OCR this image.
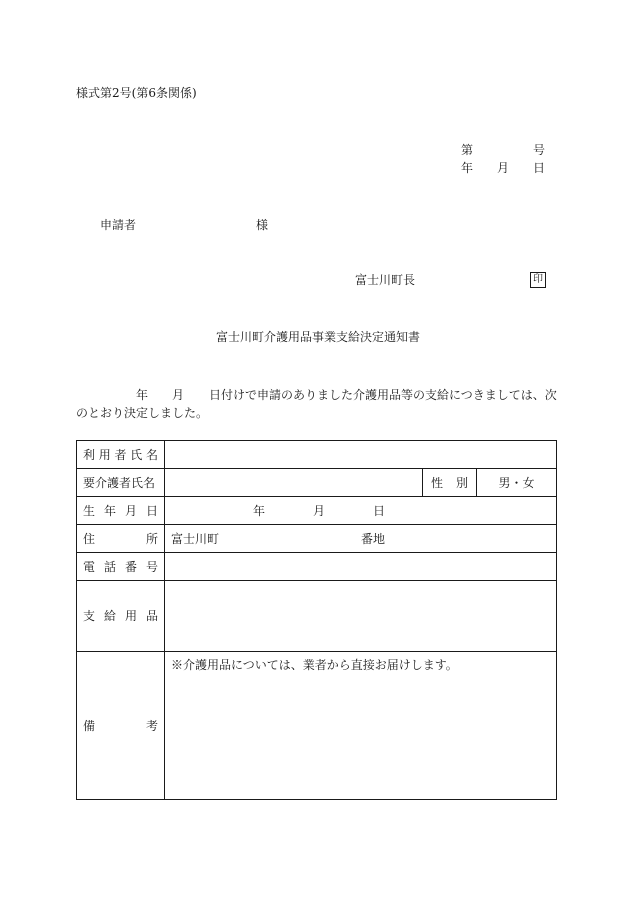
様式第2号(第6条関係)
第	号
年 月 日
申請者	様
富士川町長	印
富士川町介護用品事業支給決定通知書
年 月 日付けで申請のありました介護用品等の支給につきましては、次
のとおり決定しました。
利 用 者 氏 名			

要介護者氏名		性 別	男・女

生 年 月 日	年 月 日		

住 所	富士川町 番地		

電 話 番 号			

支 給 用 品			

備 考	※介護用品については、業者から直接お届けします。		
